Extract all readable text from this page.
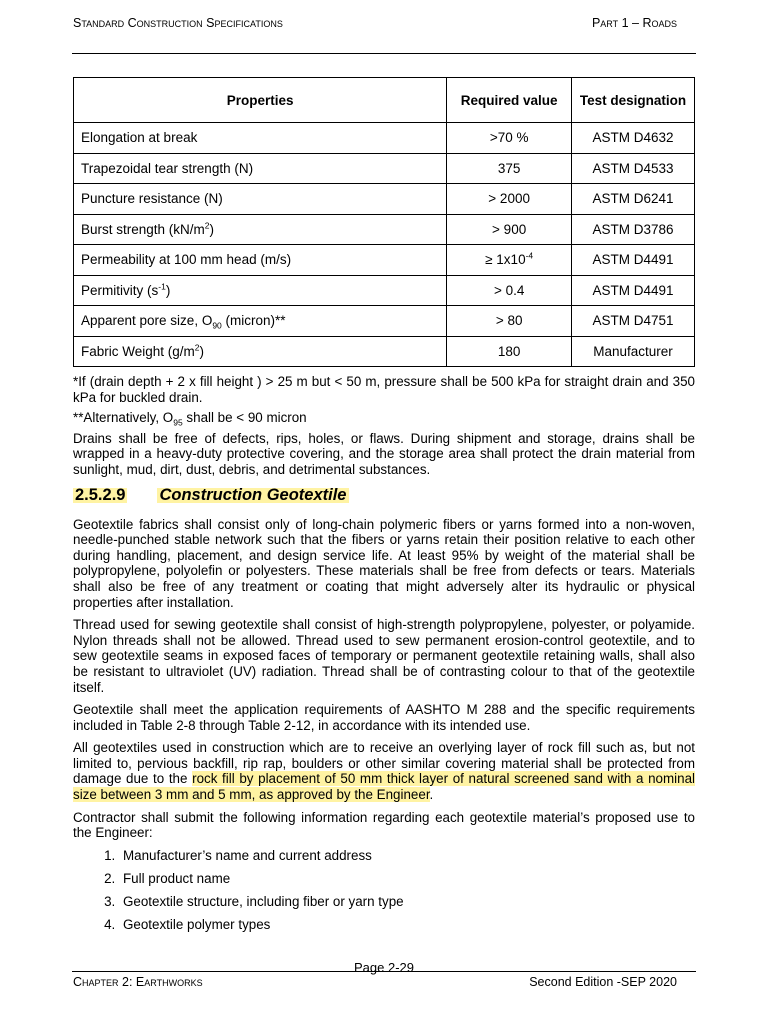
Standard Construction Specifications	Part 1 – Roads
Properties	Required value	Test designation
Elongation at break	>70 %	ASTM D4632
Trapezoidal tear strength (N)	375	ASTM D4533
Puncture resistance (N)	> 2000	ASTM D6241
Burst strength $(kN/m^2)$	> 900	ASTM D3786
Permeability at 100 mm head (m/s)	≥ $1x10^{-4}$	ASTM D4491
Permitivity $(s^{-1})$	> 0.4	ASTM D4491
Apparent pore size, $O_{90}$ (micron)**	> 80	ASTM D4751
Fabric Weight $(g/m^2)$	180	Manufacturer

*If (drain depth + 2 x fill height ) > 25 m but < 50 m, pressure shall be 500 kPa for straight drain and 350 kPa for buckled drain.

**Alternatively, $O_{95}$ shall be < 90 micron

Drains shall be free of defects, rips, holes, or flaws. During shipment and storage, drains shall be wrapped in a heavy-duty protective covering, and the storage area shall protect the drain material from sunlight, mud, dirt, dust, debris, and detrimental substances.

2.5.2.9 Construction Geotextile

Geotextile fabrics shall consist only of long-chain polymeric fibers or yarns formed into a non-woven, needle-punched stable network such that the fibers or yarns retain their position relative to each other during handling, placement, and design service life. At least 95% by weight of the material shall be polypropylene, polyolefin or polyesters. These materials shall be free from defects or tears. Materials shall also be free of any treatment or coating that might adversely alter its hydraulic or physical properties after installation.

Thread used for sewing geotextile shall consist of high-strength polypropylene, polyester, or polyamide. Nylon threads shall not be allowed. Thread used to sew permanent erosion-control geotextile, and to sew geotextile seams in exposed faces of temporary or permanent geotextile retaining walls, shall also be resistant to ultraviolet (UV) radiation. Thread shall be of contrasting colour to that of the geotextile itself.

Geotextile shall meet the application requirements of AASHTO M 288 and the specific requirements included in Table 2-8 through Table 2-12, in accordance with its intended use.

All geotextiles used in construction which are to receive an overlying layer of rock fill such as, but not limited to, pervious backfill, rip rap, boulders or other similar covering material shall be protected from damage due to the rock fill by placement of 50 mm thick layer of natural screened sand with a nominal size between 3 mm and 5 mm, as approved by the Engineer.

Contractor shall submit the following information regarding each geotextile material’s proposed use to the Engineer:

1. Manufacturer’s name and current address
2. Full product name
3. Geotextile structure, including fiber or yarn type
4. Geotextile polymer types
Page 2-29
Chapter 2: Earthworks	Second Edition -SEP 2020
